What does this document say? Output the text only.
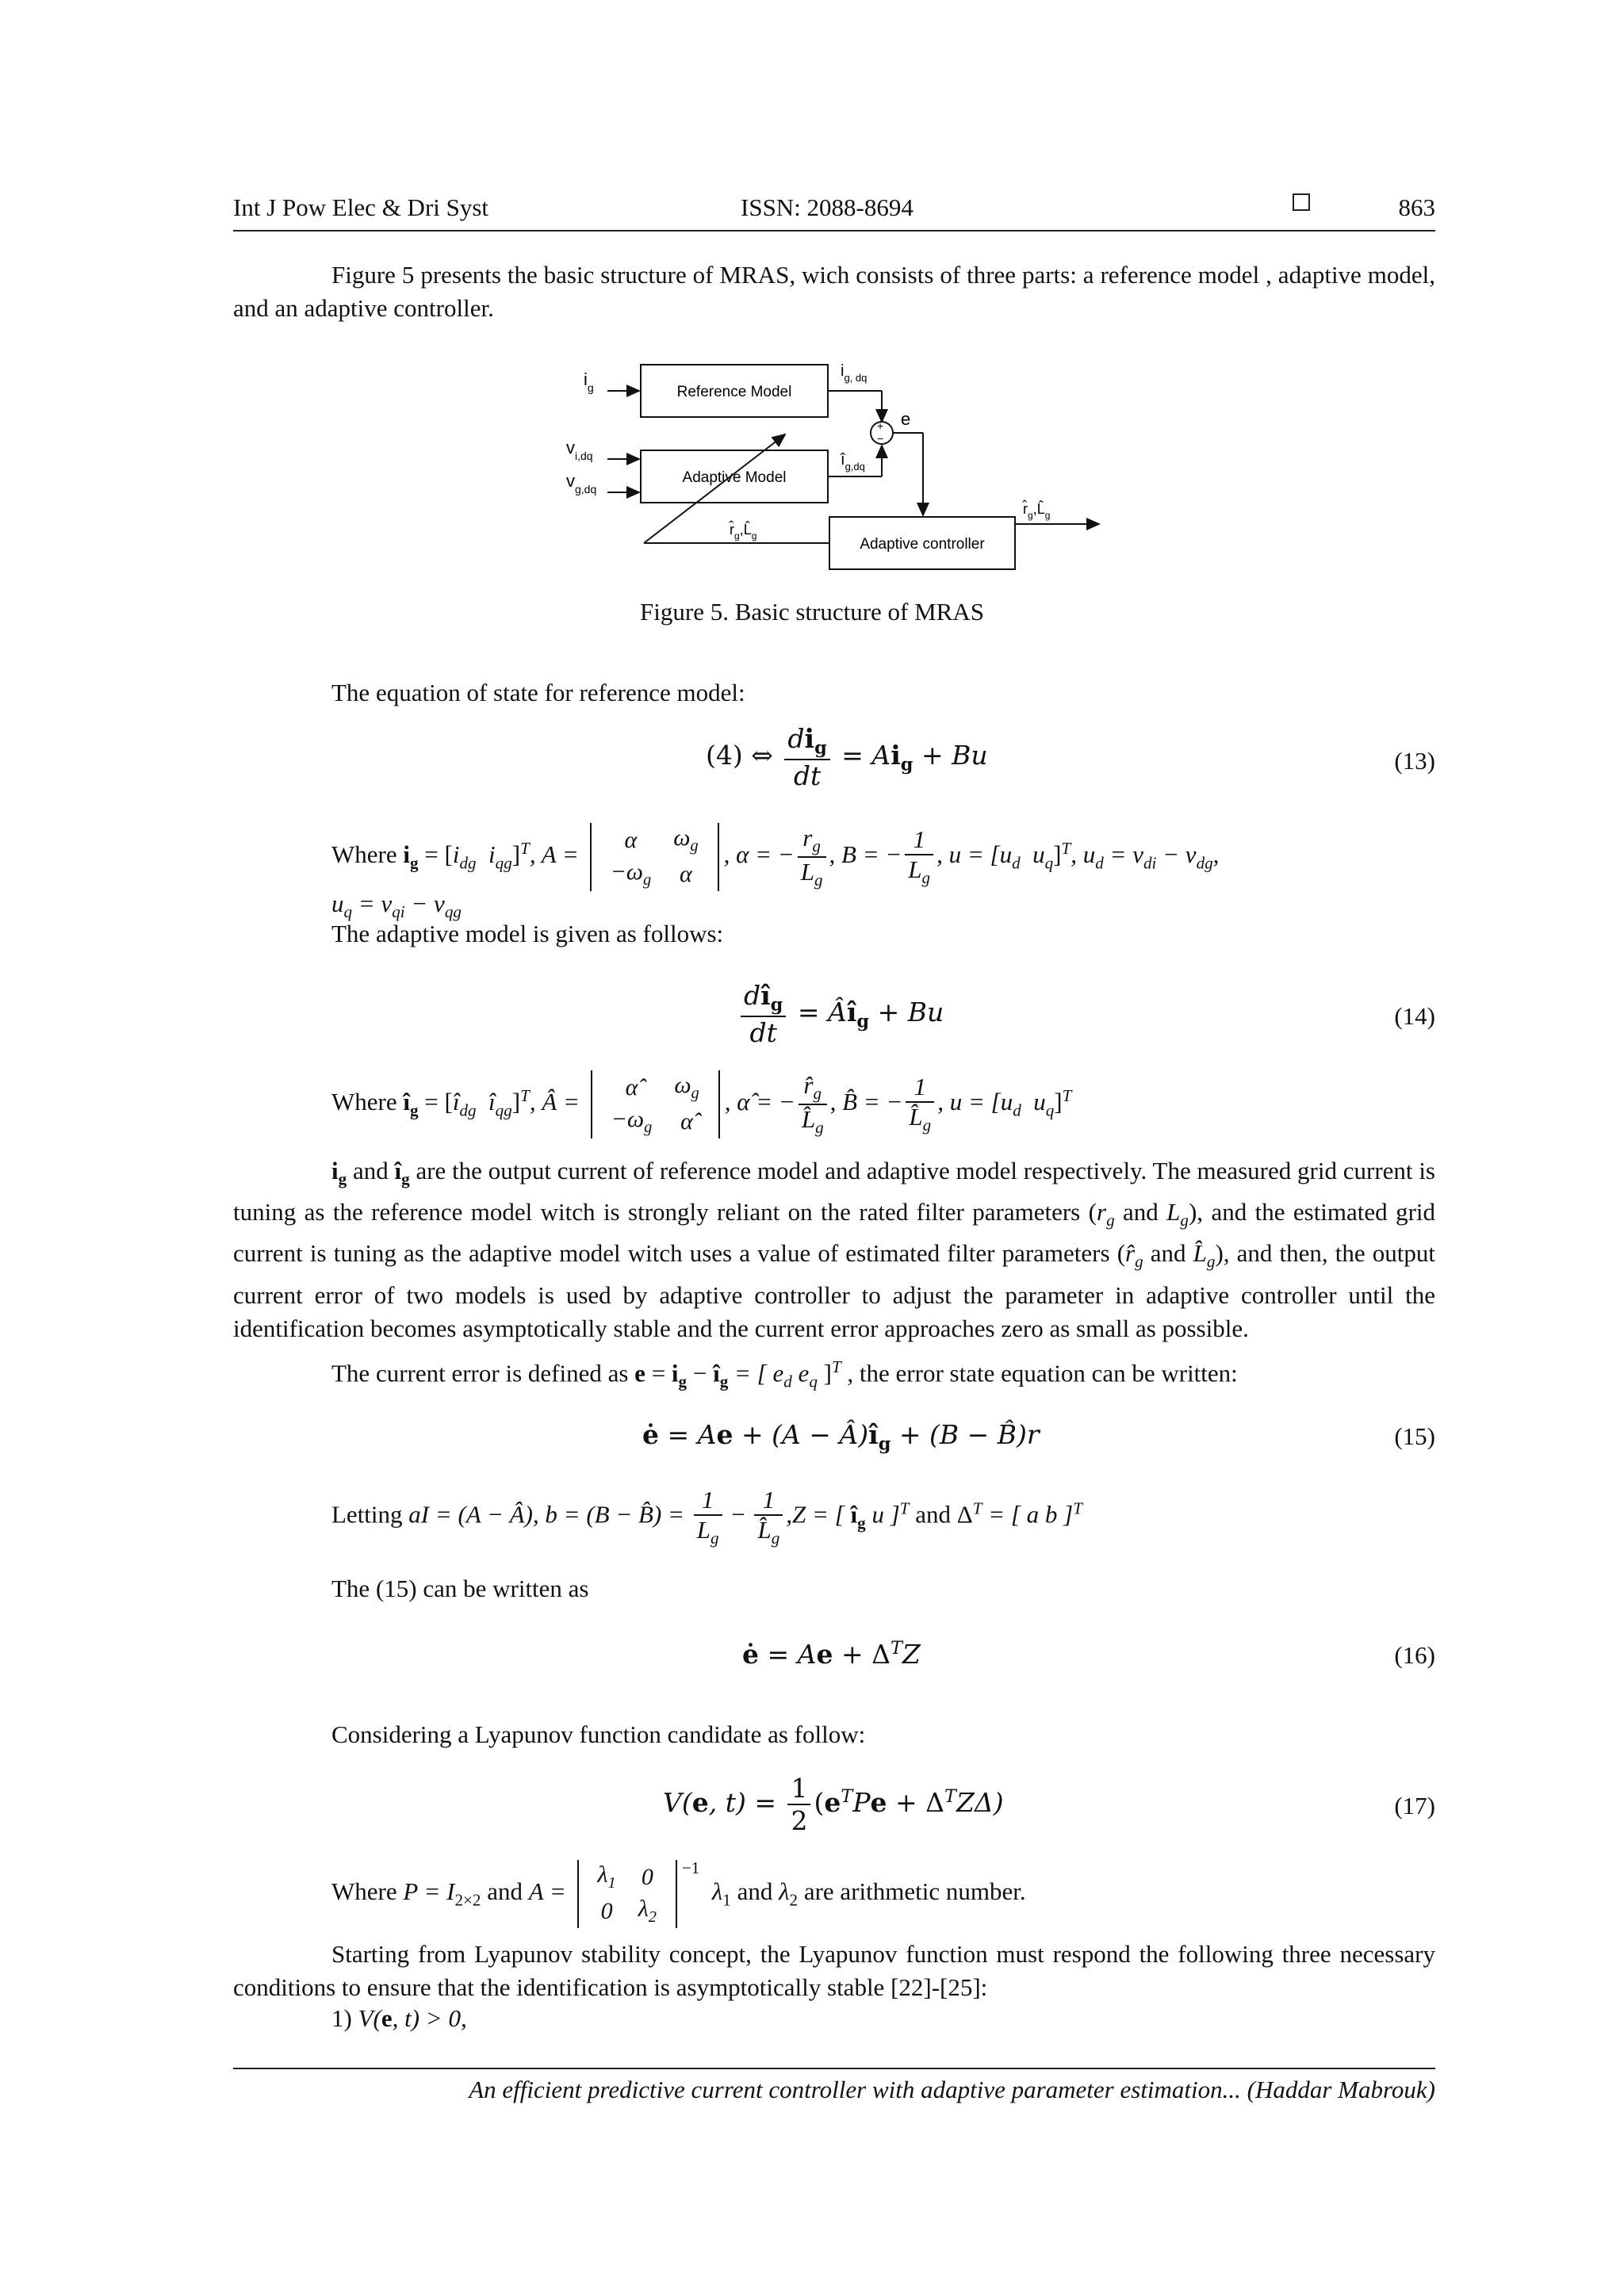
Int J Pow Elec & Dri Syst	ISSN: 2088-8694	863
Figure 5 presents the basic structure of MRAS, wich consists of three parts: a reference model , adaptive model, and an adaptive controller.
Reference Model
Adaptive Model
Adaptive controller
$i_g$
$v_{i,dq}$
$v_{g,dq}$
$i_{g, dq}$
+
−
e
$î_{g,dq}$
$r̂_g,L̂_g$
$r̂_g,L̂_g$
Figure 5. Basic structure of MRAS
The equation of state for reference model:
(4) ⇔ $\frac{di_g}{dt} = Ai_g + Bu$	(13)
Where $i_g = [i_{dg}$ $i_{qg}]^T$, A =
α	$\omega_g$
$-\omega_g$	α
, α = − $\frac{r_g}{L_g}$ , B = − $\frac{1}{L_g}$ , $u = [u_d$ $u_q]^T$, $u_d = v_{di} - v_{dg}$,
$u_q = v_{qi} - v_{qg}$
The adaptive model is given as follows:
$\frac{dî_g}{dt}$ = $Âî_g + Bu$	(14)
Where $î_g$ = [$î_{dg}$ $î_{qg}]^T$, Â =
α̂	$\omega_g$
$-\omega_g$	α̂
, α̂ = − $\frac{r̂_g}{L̂_g}$ , B̂ = − $\frac{1}{L̂_g}$ , $u = [u_d$ $u_q]^T$
$i_g$ and $î_g$ are the output current of reference model and adaptive model respectively. The measured grid current is tuning as the reference model witch is strongly reliant on the rated filter parameters ($r_g$ and $L_g$), and the estimated grid current is tuning as the adaptive model witch uses a value of estimated filter parameters ($r̂_g$ and $L̂_g$), and then, the output current error of two models is used by adaptive controller to adjust the parameter in adaptive controller until the identification becomes asymptotically stable and the current error approaches zero as small as possible.
The current error is defined as $e = i_g$ − $î_g$ = [ $e_d$ $e_q$ ]$^T$ , the error state equation can be written:
ė = $Ae + (A - Â)î_g + (B$ − B̂)r	(15)
Letting aI = (A − Â), b = (B − B̂) = $\frac{1}{L_g} - \frac{1}{L̂_g} ,Z$ = [ $î_g$ u ]$^T$ and $\Delta^T$ = [ a b ]$^T$
The (15) can be written as
ė = $Ae + \Delta^TZ$	(16)
Considering a Lyapunov function candidate as follow:
V(e, $t) = \frac{1}{2} (e^TPe + \Delta^TZ\Delta)$	(17)
Where $P = I_{2\times 2}$ and A =
$\lambda_1$	0
0	$\lambda_2$
$^{-1}$  $\lambda_1$ and $\lambda_2$ are arithmetic number.
Starting from Lyapunov stability concept, the Lyapunov function must respond the following three necessary conditions to ensure that the identification is asymptotically stable [22]-[25]:
1) V(e, t) > 0,
An efficient predictive current controller with adaptive parameter estimation... (Haddar Mabrouk)
